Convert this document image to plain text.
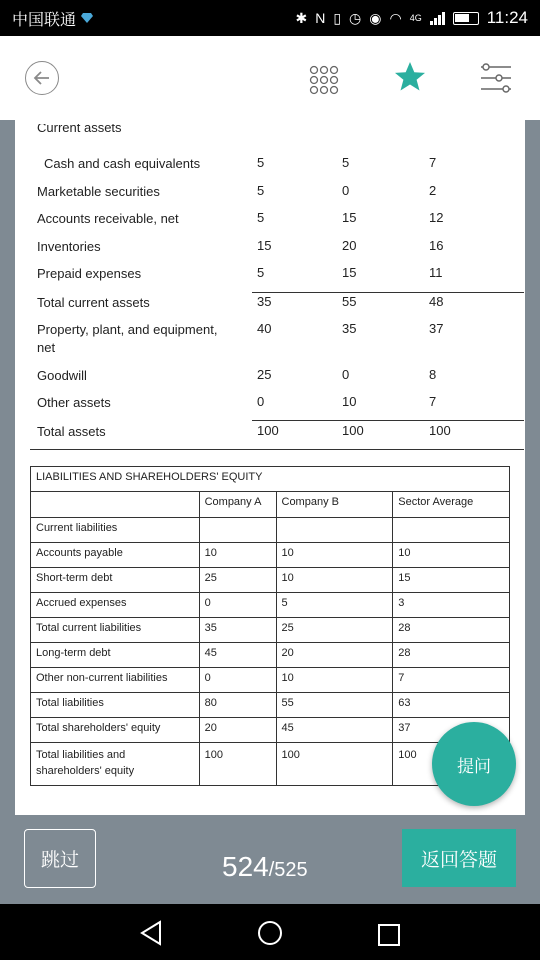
中国联通	✱ N ▯ ◷ ◉ ◠ 4G	11:24
Current assets
Cash and cash equivalents	5	5	7
Marketable securities	5	0	2
Accounts receivable, net	5	15	12
Inventories	15	20	16
Prepaid expenses	5	15	11
Total current assets	35	55	48
Property, plant, and equipment, net
40	35	37
Goodwill	25	0	8
Other assets	0	10	7
Total assets	100	100	100
LIABILITIES AND SHAREHOLDERS' EQUITY			
	Company A	Company B	Sector Average
Current liabilities			
Accounts payable	10	10	10
Short-term debt	25	10	15
Accrued expenses	0	5	3
Total current liabilities	35	25	28
Long-term debt	45	20	28
Other non-current liabilities	0	10	7
Total liabilities	80	55	63
Total shareholders' equity	20	45	37
Total liabilities and shareholders' equity	100	100	100
提问
跳过	524/525	返回答题
